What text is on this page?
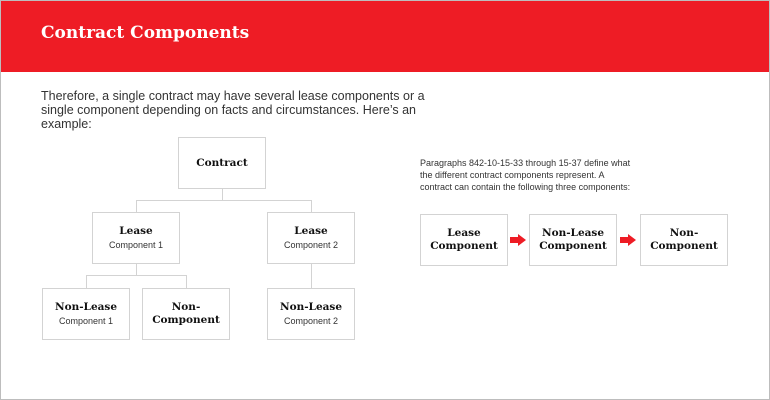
Contract Components
Therefore, a single contract may have several lease components or a single component depending on facts and circumstances. Here’s an example:
Contract
Lease
Component 1
Lease
Component 2
Non-Lease
Component 1
Non-Component
Non-Lease
Component 2
Paragraphs 842-10-15-33 through 15-37 define what the different contract components represent. A contract can contain the following three components:
Lease
Component
Non-Lease
Component
Non-Component
